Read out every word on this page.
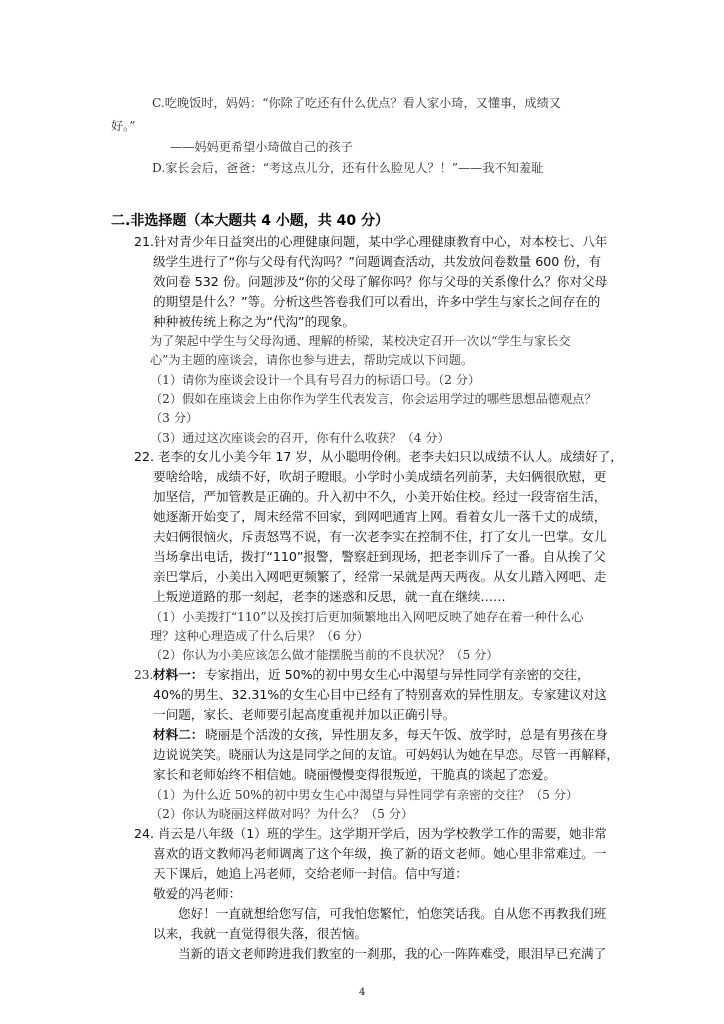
C.吃晚饭时，妈妈：“你除了吃还有什么优点？看人家小琦，又懂事，成绩又
好。”
——妈妈更希望小琦做自己的孩子
D.家长会后，爸爸：“考这点儿分，还有什么脸见人？！”——我不知羞耻
二.非选择题（本大题共 4 小题，共 40 分）
21.针对青少年日益突出的心理健康问题，某中学心理健康教育中心，对本校七、八年
级学生进行了“你与父母有代沟吗？”问题调查活动，共发放问卷数量 600 份，有
效问卷 532 份。问题涉及“你的父母了解你吗？你与父母的关系像什么？你对父母
的期望是什么？”等。分析这些答卷我们可以看出，许多中学生与家长之间存在的
种种被传统上称之为“代沟”的现象。
为了架起中学生与父母沟通、理解的桥梁，某校决定召开一次以“学生与家长交
心”为主题的座谈会，请你也参与进去，帮助完成以下问题。
（1）请你为座谈会设计一个具有号召力的标语口号。（2 分）
（2）假如在座谈会上由你作为学生代表发言，你会运用学过的哪些思想品德观点？
（3 分）
（3）通过这次座谈会的召开，你有什么收获？（4 分）
22. 老李的女儿小美今年 17 岁，从小聪明伶俐。老李夫妇只以成绩不认人。成绩好了，
要啥给啥，成绩不好，吹胡子瞪眼。小学时小美成绩名列前茅，夫妇俩很欣慰，更
加坚信，严加管教是正确的。升入初中不久，小美开始住校。经过一段寄宿生活，
她逐渐开始变了，周末经常不回家，到网吧通宵上网。看着女儿一落千丈的成绩，
夫妇俩很恼火，斥责怒骂不说，有一次老李实在控制不住，打了女儿一巴掌。女儿
当场拿出电话，拨打“110”报警，警察赶到现场，把老李训斥了一番。自从挨了父
亲巴掌后，小美出入网吧更频繁了，经常一呆就是两天两夜。从女儿踏入网吧、走
上叛逆道路的那一刻起，老李的迷惑和反思，就一直在继续……
（1）小美拨打“110”以及挨打后更加频繁地出入网吧反映了她存在着一种什么心
理？这种心理造成了什么后果？（6 分）
（2）你认为小美应该怎么做才能摆脱当前的不良状况？（5 分）
23. 材料一： 专家指出，近 50%的初中男女生心中渴望与异性同学有亲密的交往，
40%的男生、32.31%的女生心目中已经有了特别喜欢的异性朋友。专家建议对这
一问题，家长、老师要引起高度重视并加以正确引导。
材料二： 晓丽是个活泼的女孩，异性朋友多，每天午饭、放学时，总是有男孩在身
边说说笑笑。晓丽认为这是同学之间的友谊。可妈妈认为她在早恋。尽管一再解释，
家长和老师始终不相信她。晓丽慢慢变得很叛逆，干脆真的谈起了恋爱。
（1）为什么近 50%的初中男女生心中渴望与异性同学有亲密的交往？（5 分）
（2）你认为晓丽这样做对吗？为什么？（5 分）
24. 肖云是八年级（1）班的学生。这学期开学后，因为学校教学工作的需要，她非常
喜欢的语文教师冯老师调离了这个年级，换了新的语文老师。她心里非常难过。一
天下课后，她追上冯老师，交给老师一封信。信中写道：
敬爱的冯老师：
您好！一直就想给您写信，可我怕您繁忙，怕您笑话我。自从您不再教我们班
以来，我就一直觉得很失落，很苦恼。
当新的语文老师跨进我们教室的一刹那，我的心一阵阵难受，眼泪早已充满了
4
